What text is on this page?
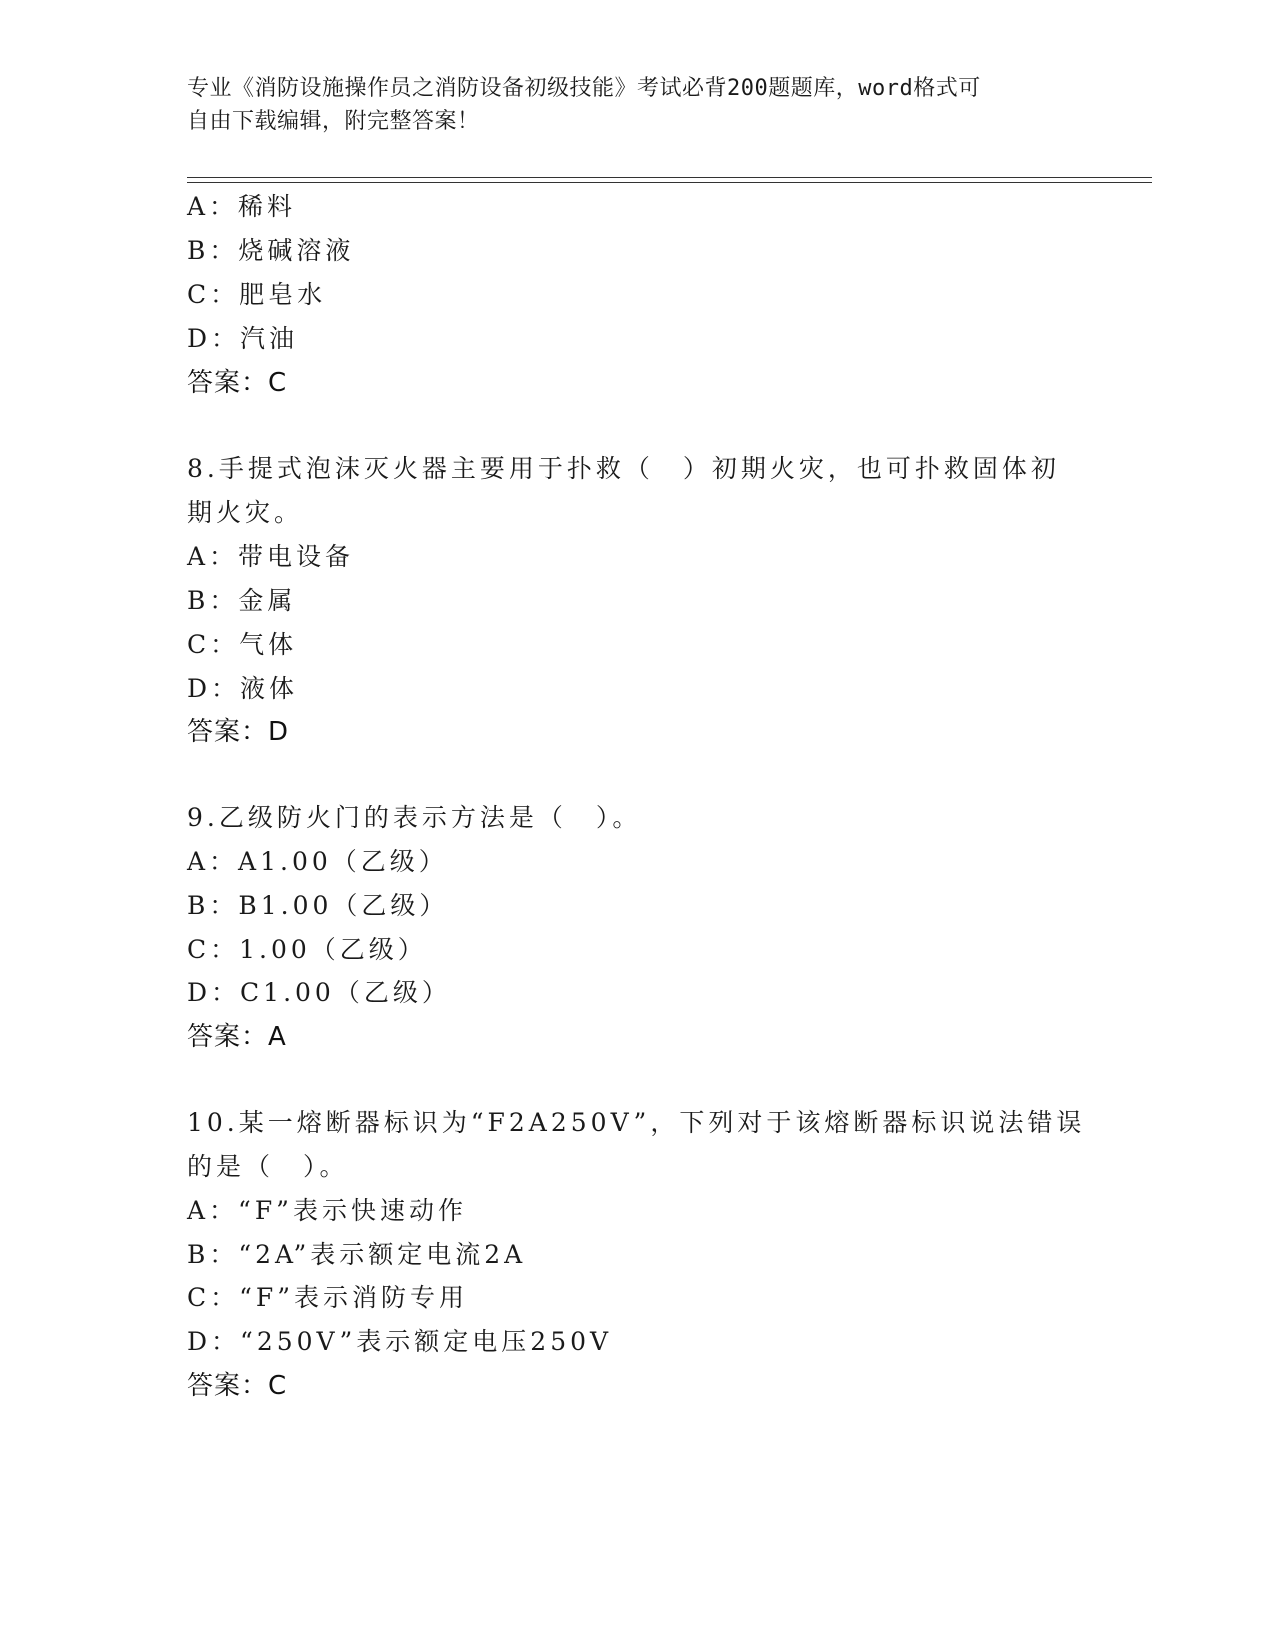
专业《消防设施操作员之消防设备初级技能》考试必背200题题库，word格式可
自由下载编辑，附完整答案！
A：稀料
B：烧碱溶液
C：肥皂水
D：汽油
答案：C
8.手提式泡沫灭火器主要用于扑救（　）初期火灾，也可扑救固体初
期火灾。
A：带电设备
B：金属
C：气体
D：液体
答案：D
9.乙级防火门的表示方法是（　）。
A：A1.00（乙级）
B：B1.00（乙级）
C：1.00（乙级）
D：C1.00（乙级）
答案：A
10.某一熔断器标识为“F2A250V”，下列对于该熔断器标识说法错误
的是（　）。
A：“F”表示快速动作
B：“2A”表示额定电流2A
C：“F”表示消防专用
D：“250V”表示额定电压250V
答案：C
